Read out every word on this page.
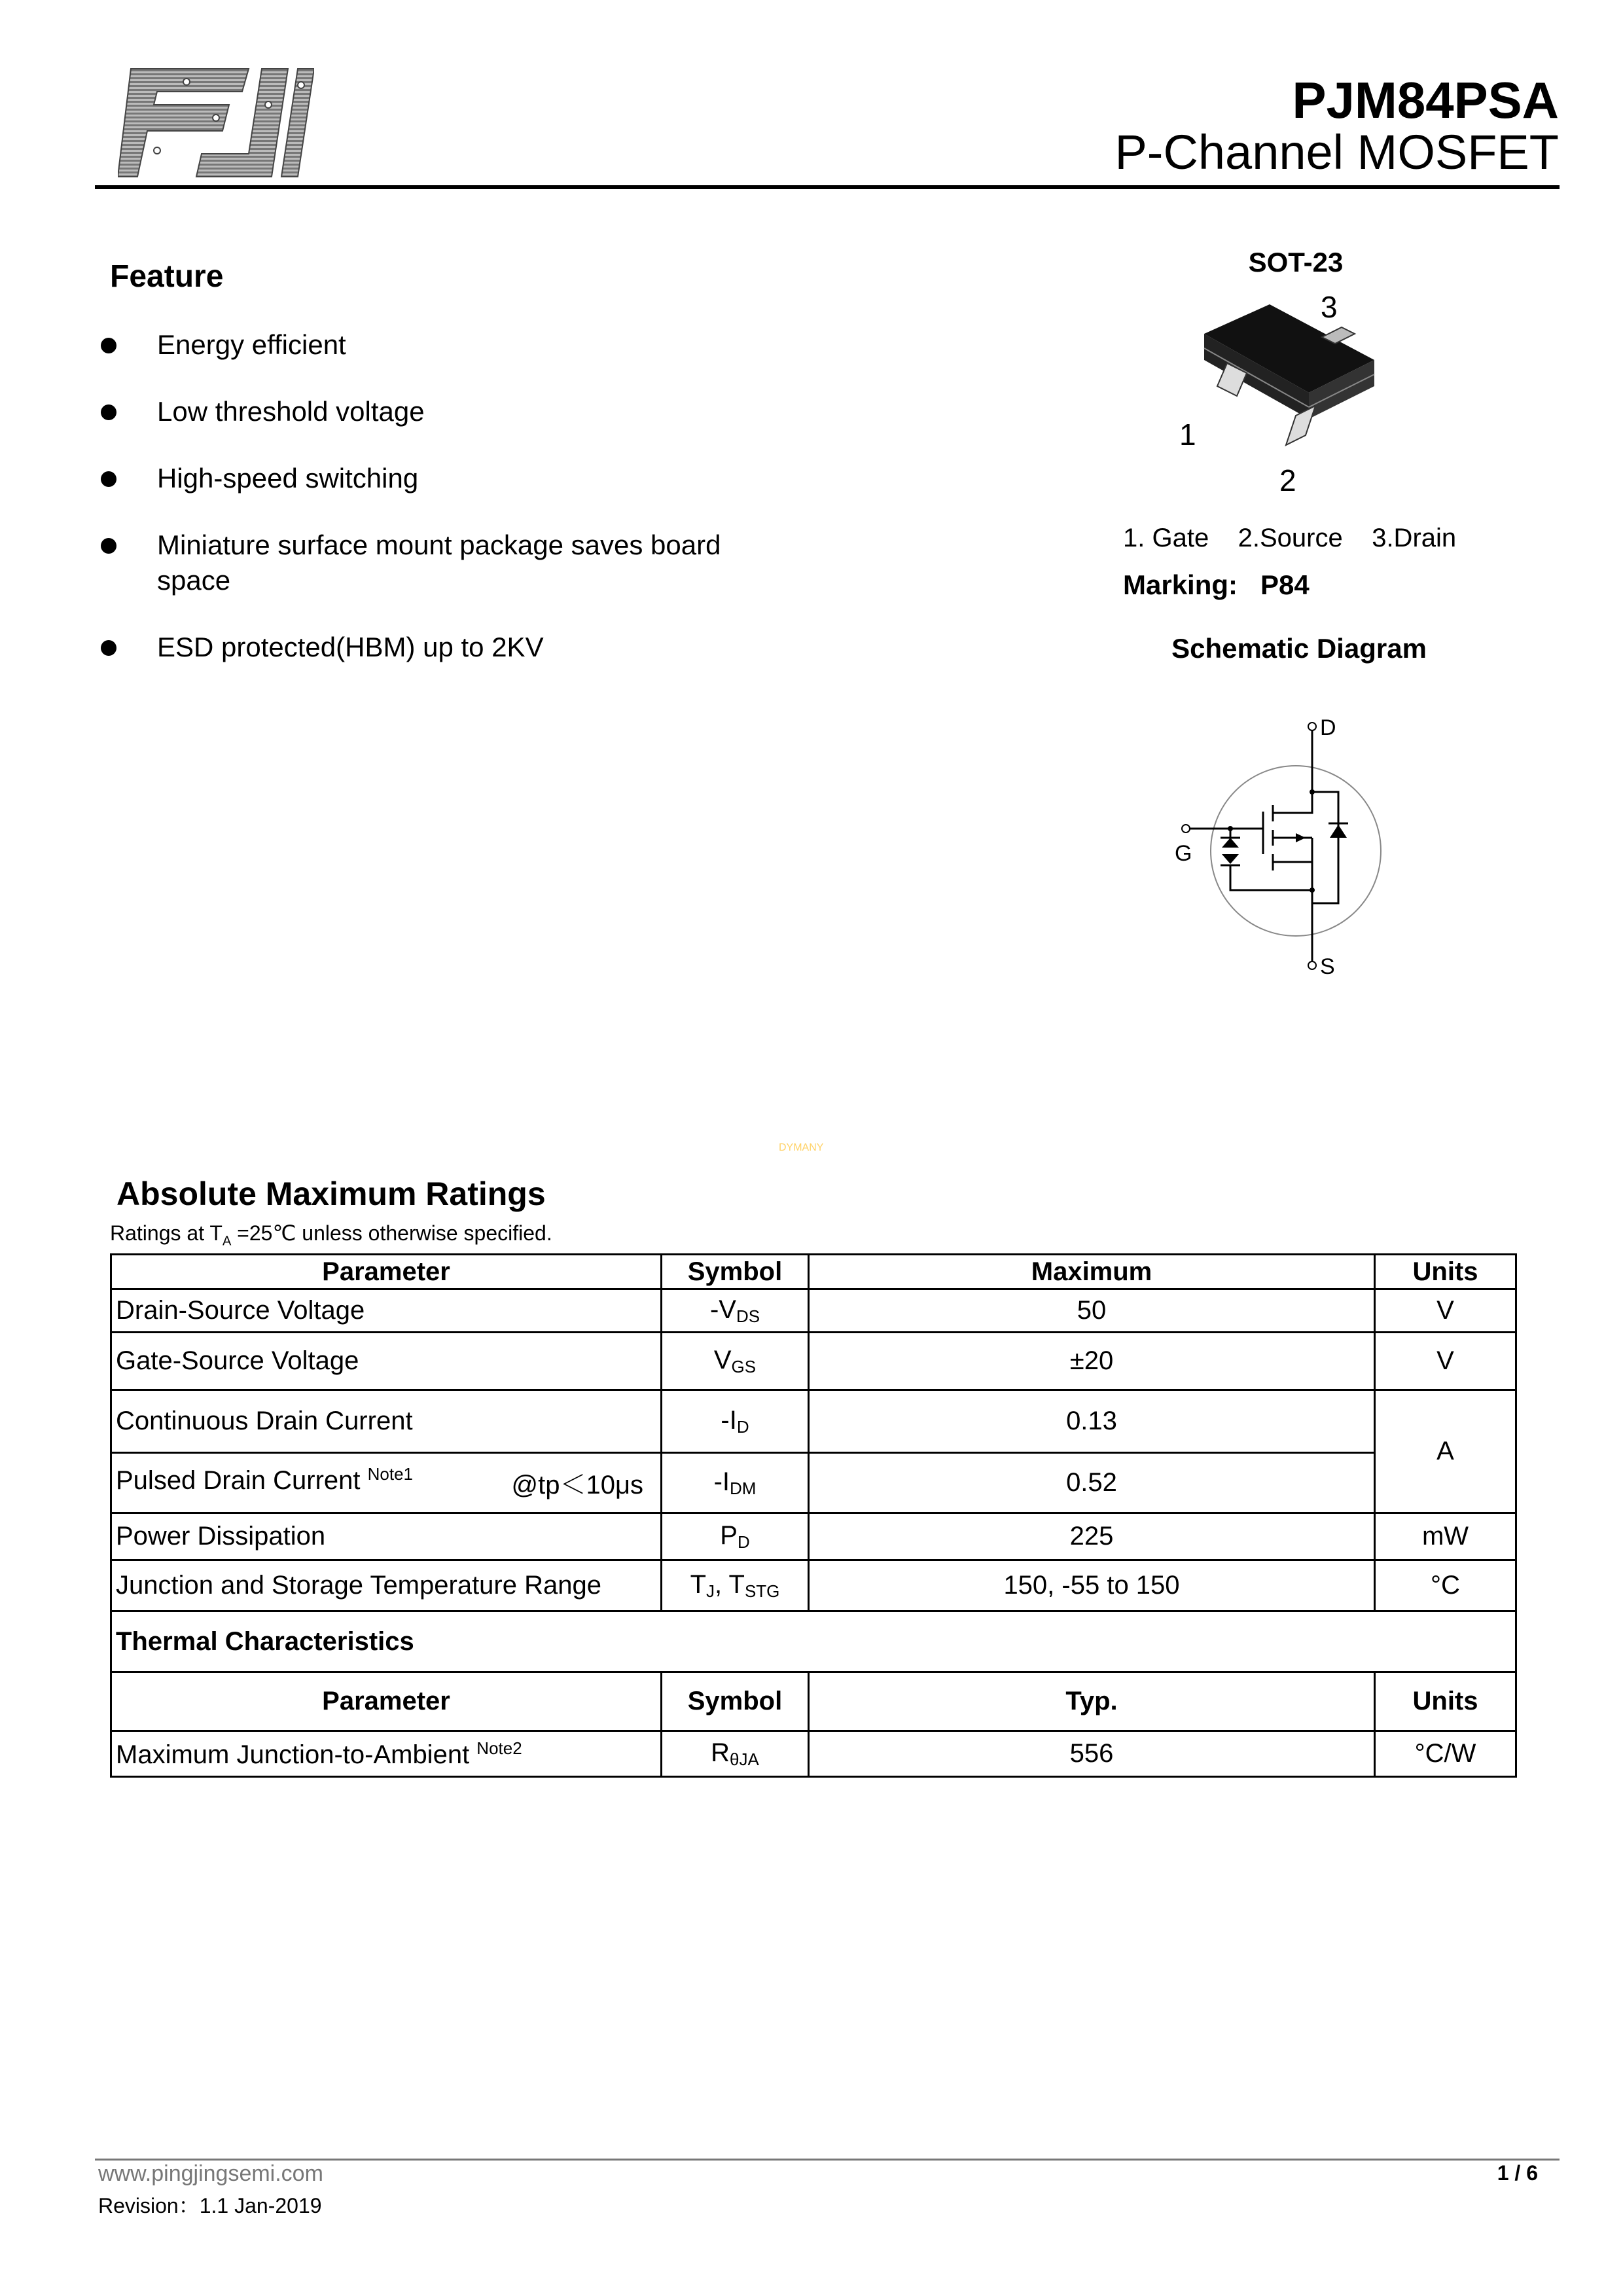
PJM84PSA
P-Channel MOSFET
Feature
Energy efficient
Low threshold voltage
High-speed switching
Miniature surface mount package saves board space
ESD protected(HBM) up to 2KV
SOT-23
3
1
2
1. Gate    2.Source    3.Drain
Marking: P84
Schematic Diagram
D
G
S
DYMANY
Absolute Maximum Ratings
Ratings at $T_A$ =25℃ unless otherwise specified.
Parameter	Symbol	Maximum	Units
Drain-Source Voltage	$-V_{DS}$	50	V
Gate-Source Voltage	$V_{GS}$	±20	V
Continuous Drain Current	$-I_D$	0.13	A
Pulsed Drain Current $^{Note1}$ @tp＜10μs	$-I_{DM}$	0.52	
Power Dissipation	$P_D$	225	mW
Junction and Storage Temperature Range	$T_J$, $T_{STG}$	150, -55 to 150	°C
Thermal Characteristics			
Parameter	Symbol	Typ.	Units
Maximum Junction-to-Ambient $^{Note2}$	$R_{\theta JA}$	556	°C/W
www.pingjingsemi.com
Revision：1.1 Jan-2019
1 / 6
